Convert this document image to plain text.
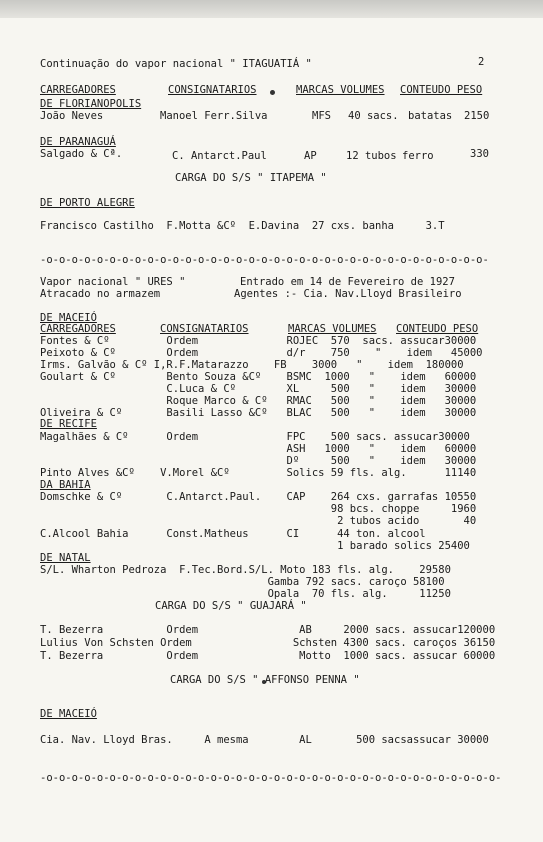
Continuação do vapor nacional " ITAGUATIÁ "	2
CARREGADORES	CONSIGNATARIOS	MARCAS VOLUMES CONTEUDO PESO
DE FLORIANOPOLIS
João Neves	Manoel Ferr.Silva	MFS 40 sacs. batatas 2150
DE PARANAGUÁ
Salgado & Cª.	C. Antarct.Paul	AP	12 tubos ferro	330
CARGA DO S/S " ITAPEMA "
DE PORTO ALEGRE
Francisco Castilho  F.Motta &Cº  E.Davina  27 cxs. banha     3.T
-o-o-o-o-o-o-o-o-o-o-o-o-o-o-o-o-o-o-o-o-o-o-o-o-o-o-o-o-o-o-o-o-o-o-o-
Vapor nacional " URES "	Entrado em 14 de Fevereiro de 1927
Atracado no armazem	Agentes :- Cia. Nav.Lloyd Brasileiro
DE MACEIÓ
CARREGADORES	CONSIGNATARIOS	MARCAS VOLUMES CONTEUDO PESO
Fontes & Cº         Ordem              ROJEC  570  sacs. assucar30000
Peixoto & Cº        Ordem              d/r    750    "    idem   45000
Irms. Galvão & Cº I,R.F.Matarazzo    FB    3000   "    idem  180000
Goulart & Cº        Bento Souza &Cº    BSMC  1000   "    idem   60000
C.Luca & Cº        XL     500   "    idem   30000
Roque Marco & Cº   RMAC   500   "    idem   30000
Oliveira & Cº       Basili Lasso &Cº   BLAC   500   "    idem   30000
DE RECIFE
Magalhães & Cº      Ordem              FPC    500 sacs. assucar30000
ASH   1000   "    idem   60000
Dº     500   "    idem   30000
Pinto Alves &Cº    V.Morel &Cº         Solics 59 fls. alg.      11140
DA BAHIA
Domschke & Cº       C.Antarct.Paul.    CAP    264 cxs. garrafas 10550
98 bcs. choppe     1960
2 tubos acido       40
C.Alcool Bahia      Const.Matheus      CI      44 ton. alcool
1 barado solics 25400
DE NATAL
S/L. Wharton Pedroza  F.Tec.Bord.S/L. Moto 183 fls. alg.    29580
Gamba 792 sacs. caroço 58100
Opala  70 fls. alg.     11250
CARGA DO S/S " GUAJARÁ "
T. Bezerra          Ordem                AB     2000 sacs. assucar120000
Lulius Von Schsten Ordem                Schsten 4300 sacs. caroços 36150
T. Bezerra          Ordem                Motto  1000 sacs. assucar 60000
CARGA DO S/S " AFFONSO PENNA "
DE MACEIÓ
Cia. Nav. Lloyd Bras.     A mesma        AL       500 sacsassucar 30000
-o-o-o-o-o-o-o-o-o-o-o-o-o-o-o-o-o-o-o-o-o-o-o-o-o-o-o-o-o-o-o-o-o-o-o-o-
